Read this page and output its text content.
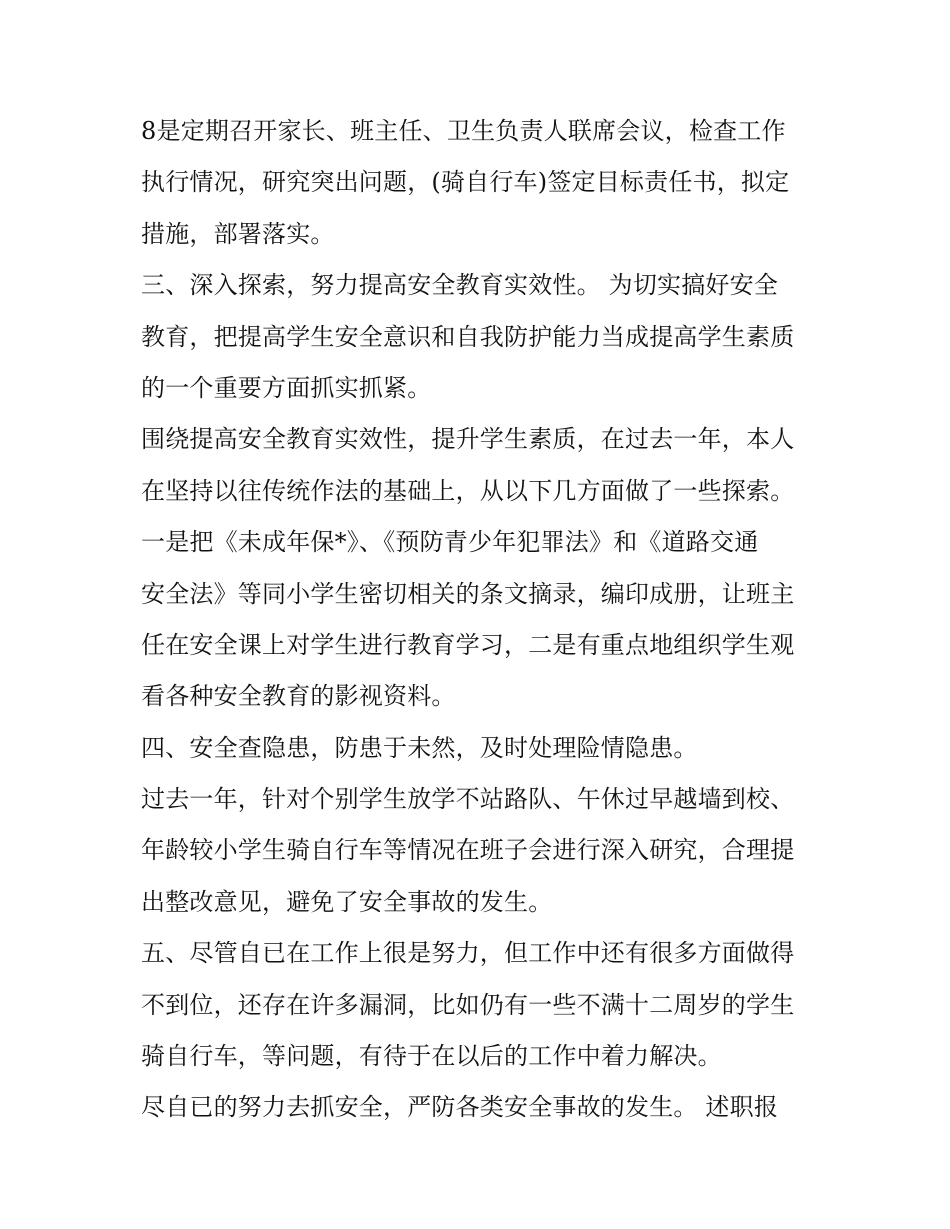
8是定期召开家长、班主任、卫生负责人联席会议，检查工作
执行情况，研究突出问题，(骑自行车)签定目标责任书，拟定
措施，部署落实。
三、深入探索，努力提高安全教育实效性。 为切实搞好安全
教育，把提高学生安全意识和自我防护能力当成提高学生素质
的一个重要方面抓实抓紧。
围绕提高安全教育实效性，提升学生素质，在过去一年，本人
在坚持以往传统作法的基础上，从以下几方面做了一些探索。
一是把《未成年保*》、《预防青少年犯罪法》和《道路交通
安全法》等同小学生密切相关的条文摘录，编印成册，让班主
任在安全课上对学生进行教育学习，二是有重点地组织学生观
看各种安全教育的影视资料。
四、安全查隐患，防患于未然，及时处理险情隐患。
过去一年，针对个别学生放学不站路队、午休过早越墙到校、
年龄较小学生骑自行车等情况在班子会进行深入研究，合理提
出整改意见，避免了安全事故的发生。
五、尽管自已在工作上很是努力，但工作中还有很多方面做得
不到位，还存在许多漏洞，比如仍有一些不满十二周岁的学生
骑自行车，等问题，有待于在以后的工作中着力解决。
尽自已的努力去抓安全，严防各类安全事故的发生。 述职报
